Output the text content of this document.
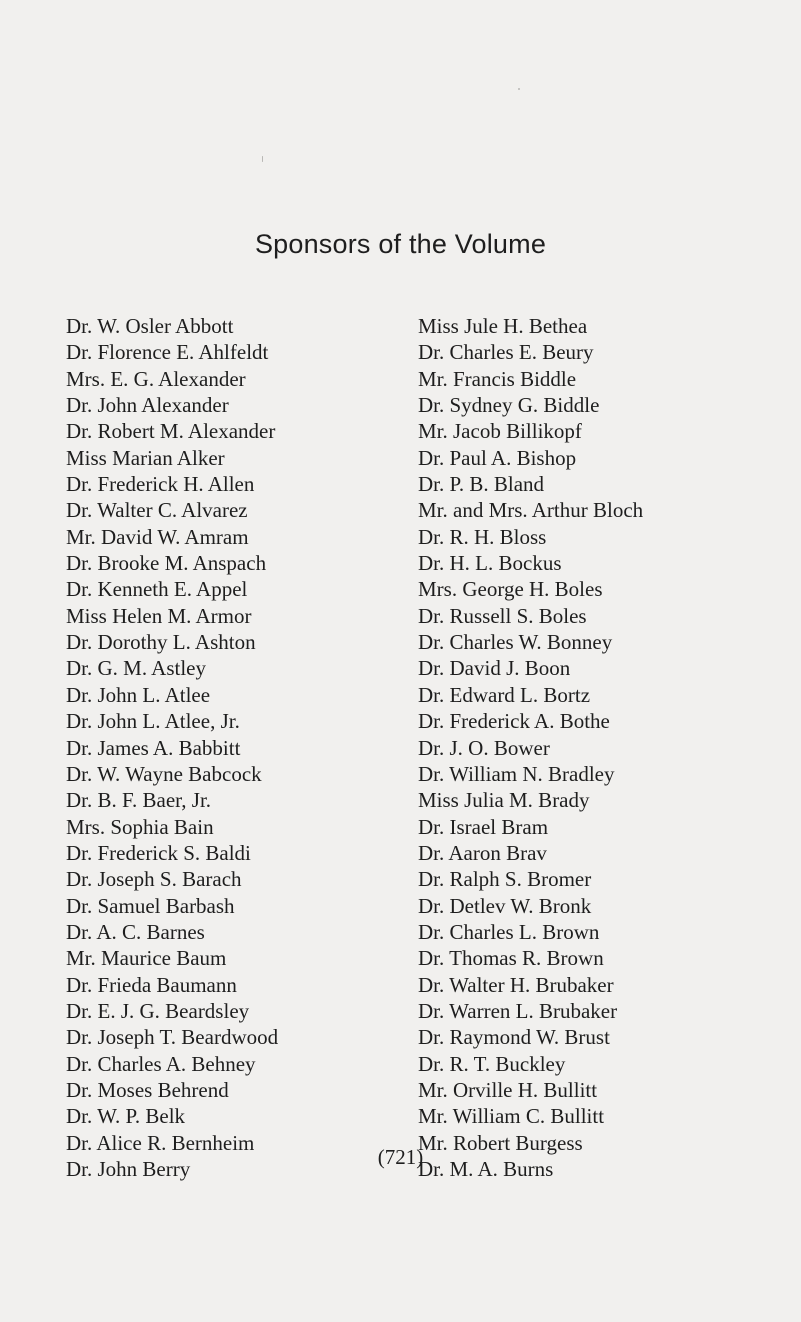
Sponsors of the Volume
Dr. W. Osler Abbott
Dr. Florence E. Ahlfeldt
Mrs. E. G. Alexander
Dr. John Alexander
Dr. Robert M. Alexander
Miss Marian Alker
Dr. Frederick H. Allen
Dr. Walter C. Alvarez
Mr. David W. Amram
Dr. Brooke M. Anspach
Dr. Kenneth E. Appel
Miss Helen M. Armor
Dr. Dorothy L. Ashton
Dr. G. M. Astley
Dr. John L. Atlee
Dr. John L. Atlee, Jr.
Dr. James A. Babbitt
Dr. W. Wayne Babcock
Dr. B. F. Baer, Jr.
Mrs. Sophia Bain
Dr. Frederick S. Baldi
Dr. Joseph S. Barach
Dr. Samuel Barbash
Dr. A. C. Barnes
Mr. Maurice Baum
Dr. Frieda Baumann
Dr. E. J. G. Beardsley
Dr. Joseph T. Beardwood
Dr. Charles A. Behney
Dr. Moses Behrend
Dr. W. P. Belk
Dr. Alice R. Bernheim
Dr. John Berry
Miss Jule H. Bethea
Dr. Charles E. Beury
Mr. Francis Biddle
Dr. Sydney G. Biddle
Mr. Jacob Billikopf
Dr. Paul A. Bishop
Dr. P. B. Bland
Mr. and Mrs. Arthur Bloch
Dr. R. H. Bloss
Dr. H. L. Bockus
Mrs. George H. Boles
Dr. Russell S. Boles
Dr. Charles W. Bonney
Dr. David J. Boon
Dr. Edward L. Bortz
Dr. Frederick A. Bothe
Dr. J. O. Bower
Dr. William N. Bradley
Miss Julia M. Brady
Dr. Israel Bram
Dr. Aaron Brav
Dr. Ralph S. Bromer
Dr. Detlev W. Bronk
Dr. Charles L. Brown
Dr. Thomas R. Brown
Dr. Walter H. Brubaker
Dr. Warren L. Brubaker
Dr. Raymond W. Brust
Dr. R. T. Buckley
Mr. Orville H. Bullitt
Mr. William C. Bullitt
Mr. Robert Burgess
Dr. M. A. Burns
(721)
